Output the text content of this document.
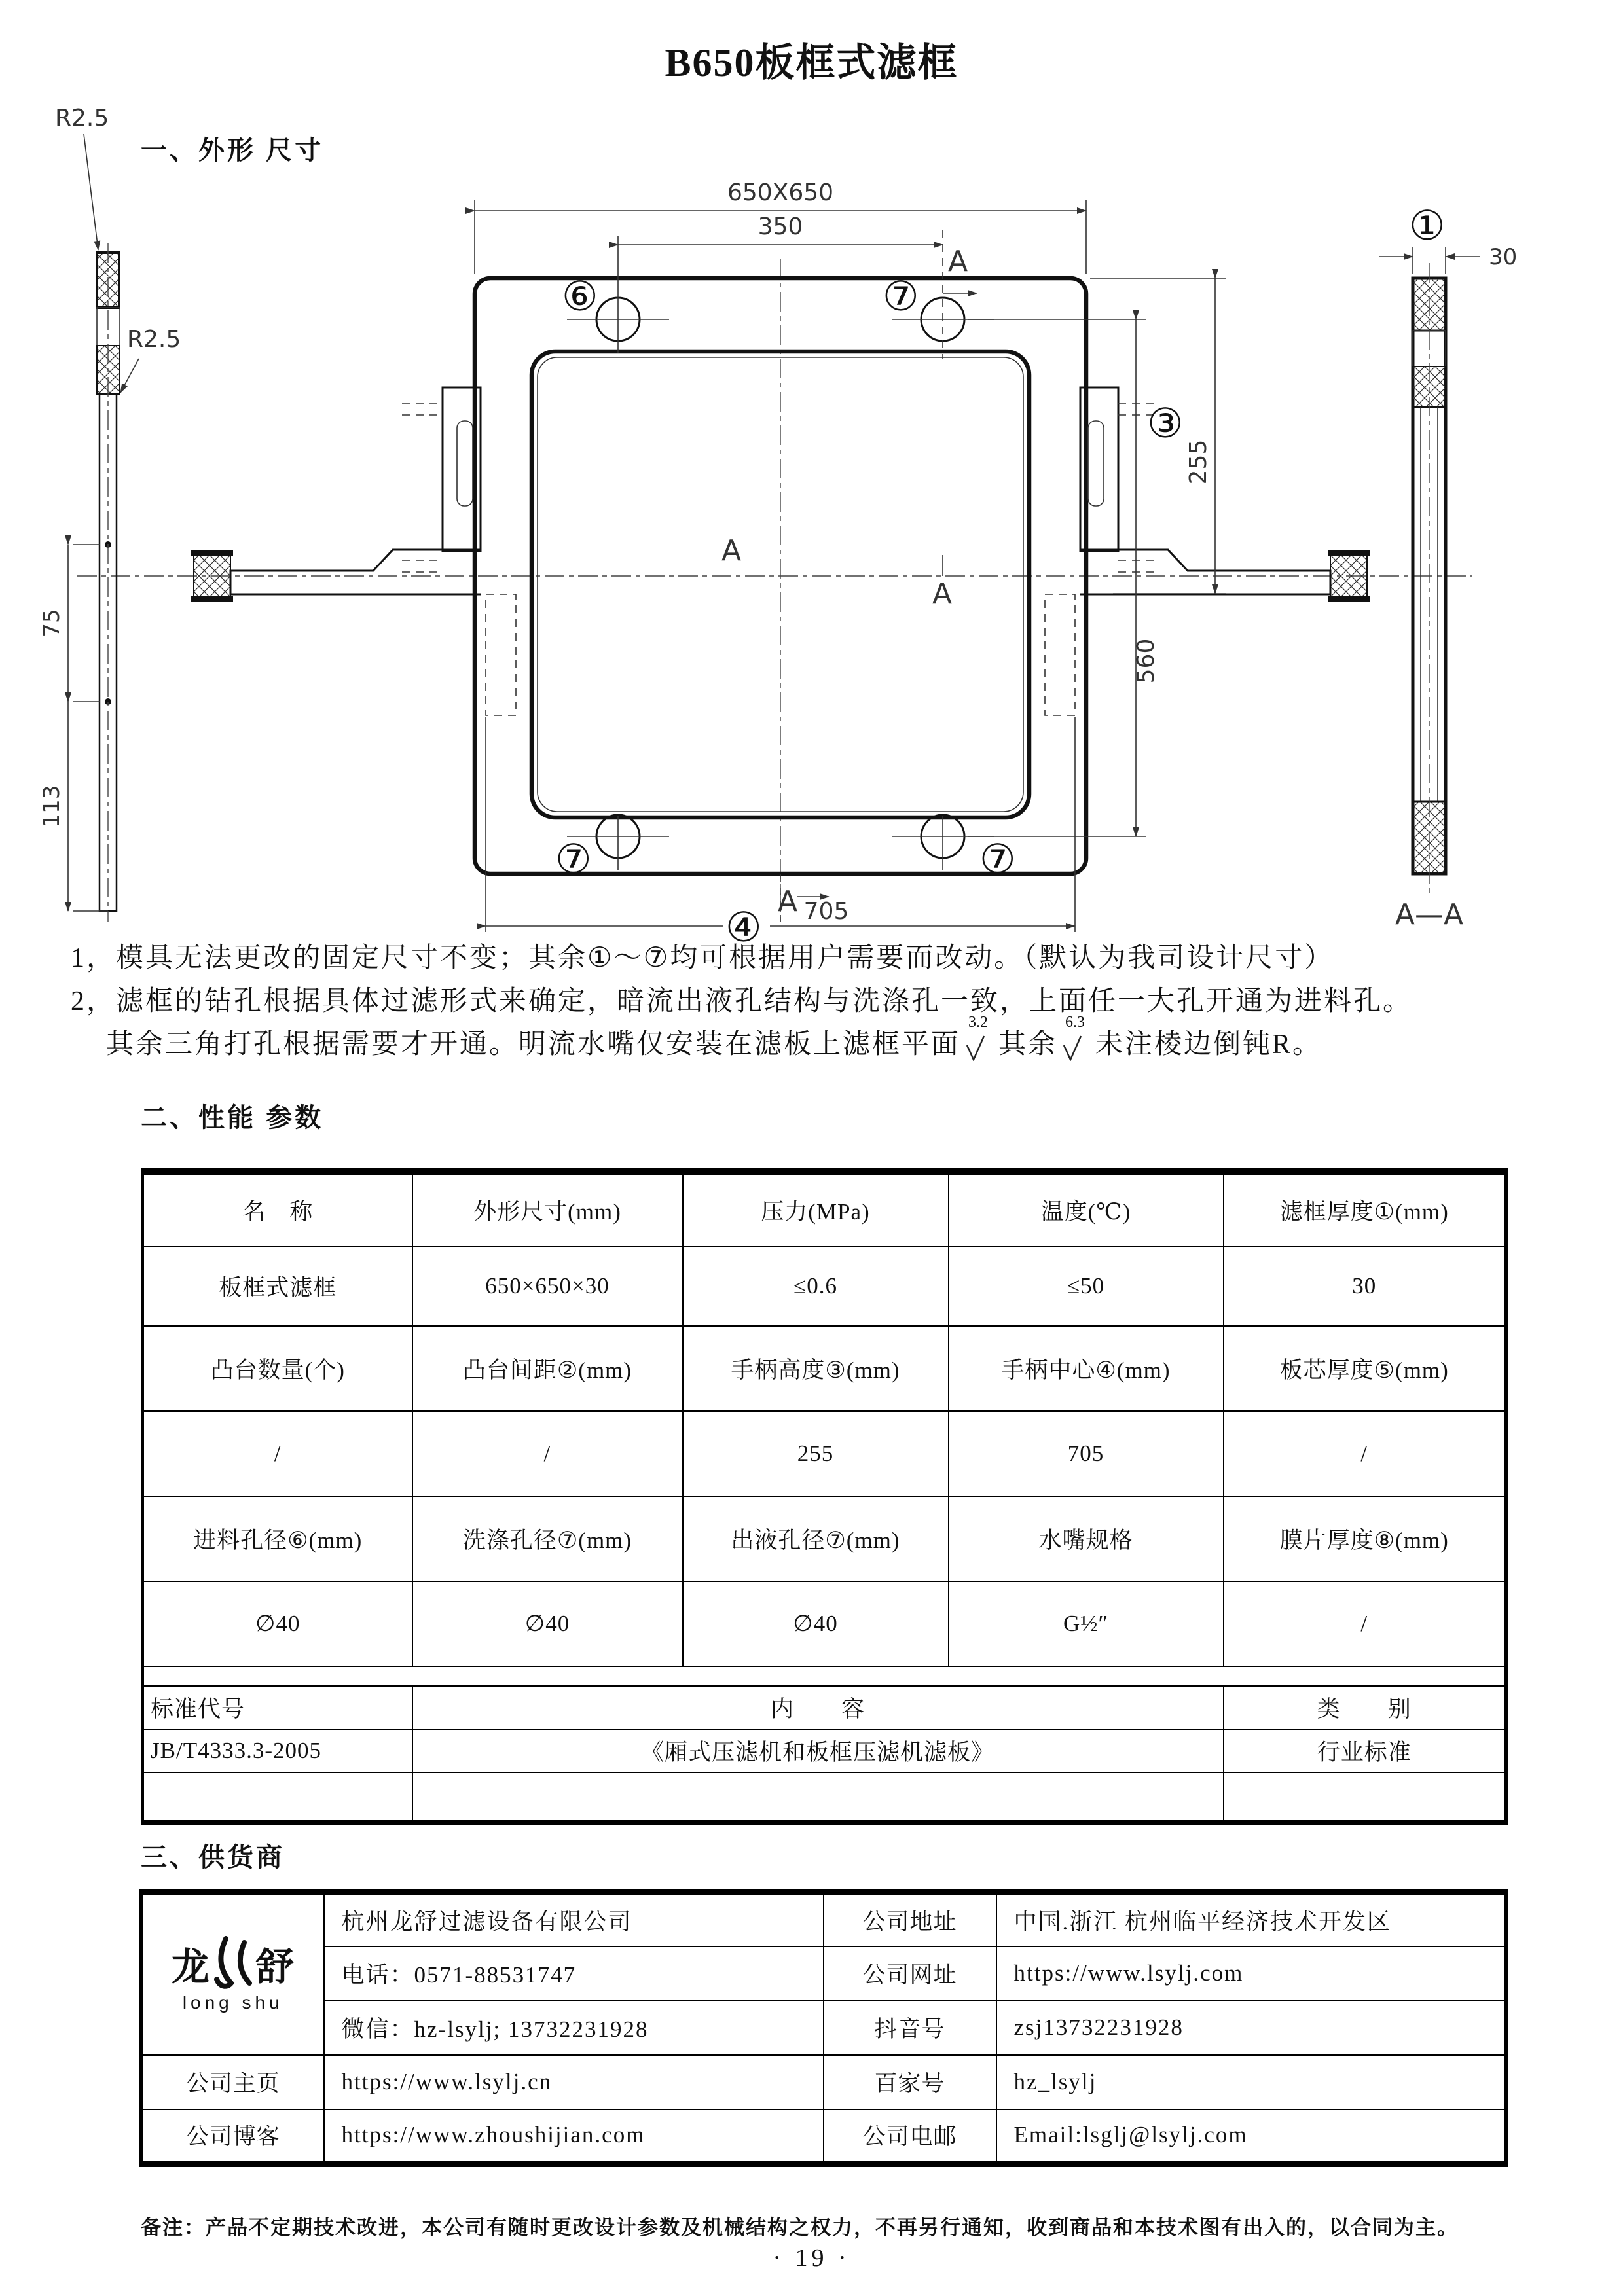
75
113
R2.5
R2.5
⑥	⑦
⑦	⑦
A
A
A
A
650X650
350
255
③
560
④ 705
①
30
A—A
B650板框式滤框
一、外形 尺寸
1，模具无法更改的固定尺寸不变；其余①～⑦均可根据用户需要而改动。（默认为我司设计尺寸）
2，滤框的钻孔根据具体过滤形式来确定，暗流出液孔结构与洗涤孔一致，上面任一大孔开通为进料孔。
其余三角打孔根据需要才开通。明流水嘴仅安装在滤板上滤框平面
3.2
其余
6.3
未注棱边倒钝R。
二、性能 参数
名　称	外形尺寸(mm)	压力(MPa)	温度(℃)	滤框厚度①(mm)
板框式滤框	650×650×30	≤0.6	≤50	30
凸台数量(个)	凸台间距②(mm)	手柄高度③(mm)	手柄中心④(mm)	板芯厚度⑤(mm)
/	/	255	705	/
进料孔径⑥(mm)	洗涤孔径⑦(mm)	出液孔径⑦(mm)	水嘴规格	膜片厚度⑧(mm)
∅40	∅40	∅40	G½″	/

标准代号	内　　容			类　　别
JB/T4333.3-2005	《厢式压滤机和板框压滤机滤板》			行业标准

三、供货商
龙 舒
long shu	杭州龙舒过滤设备有限公司	公司地址	中国.浙江 杭州临平经济技术开发区
	电话：0571-88531747	公司网址	https://www.lsylj.com
	微信：hz-lsylj; 13732231928	抖音号	zsj13732231928
公司主页	https://www.lsylj.cn	百家号	hz_lsylj
公司博客	https://www.zhoushijian.com	公司电邮	Email:lsglj@lsylj.com
备注：产品不定期技术改进，本公司有随时更改设计参数及机械结构之权力，不再另行通知，收到商品和本技术图有出入的，以合同为主。
· 19 ·
